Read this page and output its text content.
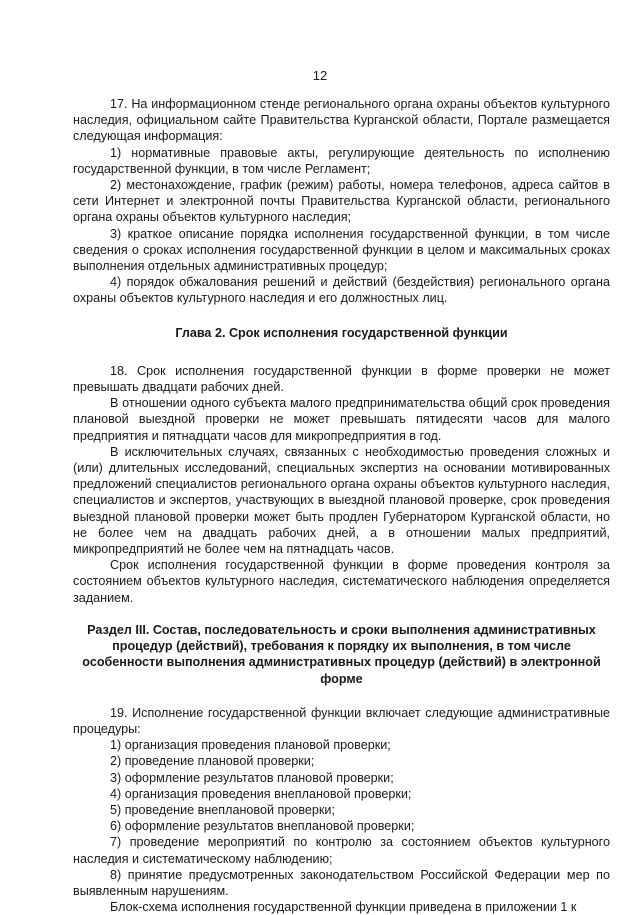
12

17. На информационном стенде регионального органа охраны объектов культурного наследия, официальном сайте Правительства Курганской области, Портале размещается следующая информация:

1) нормативные правовые акты, регулирующие деятельность по исполнению государственной функции, в том числе Регламент;

2) местонахождение, график (режим) работы, номера телефонов, адреса сайтов в сети Интернет и электронной почты Правительства Курганской области, регионального органа охраны объектов культурного наследия;

3) краткое описание порядка исполнения государственной функции, в том числе сведения о сроках исполнения государственной функции в целом и максимальных сроках выполнения отдельных административных процедур;

4) порядок обжалования решений и действий (бездействия) регионального органа охраны объектов культурного наследия и его должностных лиц.

Глава 2. Срок исполнения государственной функции

18. Срок исполнения государственной функции в форме проверки не может превышать двадцати рабочих дней.

В отношении одного субъекта малого предпринимательства общий срок проведения плановой выездной проверки не может превышать пятидесяти часов для малого предприятия и пятнадцати часов для микропредприятия в год.

В исключительных случаях, связанных с необходимостью проведения сложных и (или) длительных исследований, специальных экспертиз на основании мотивированных предложений специалистов регионального органа охраны объектов культурного наследия, специалистов и экспертов, участвующих в выездной плановой проверке, срок проведения выездной плановой проверки может быть продлен Губернатором Курганской области, но не более чем на двадцать рабочих дней, а в отношении малых предприятий, микропредприятий не более чем на пятнадцать часов.

Срок исполнения государственной функции в форме проведения контроля за состоянием объектов культурного наследия, систематического наблюдения определяется заданием.

Раздел III. Состав, последовательность и сроки выполнения административных процедур (действий), требования к порядку их выполнения, в том числе особенности выполнения административных процедур (действий) в электронной форме

19. Исполнение государственной функции включает следующие административные процедуры:

1) организация проведения плановой проверки;

2) проведение плановой проверки;

3) оформление результатов плановой проверки;

4) организация проведения внеплановой проверки;

5) проведение внеплановой проверки;

6) оформление результатов внеплановой проверки;

7) проведение мероприятий по контролю за состоянием объектов культурного наследия и систематическому наблюдению;

8) принятие предусмотренных законодательством Российской Федерации мер по выявленным нарушениям.

Блок-схема исполнения государственной функции приведена в приложении 1 к
